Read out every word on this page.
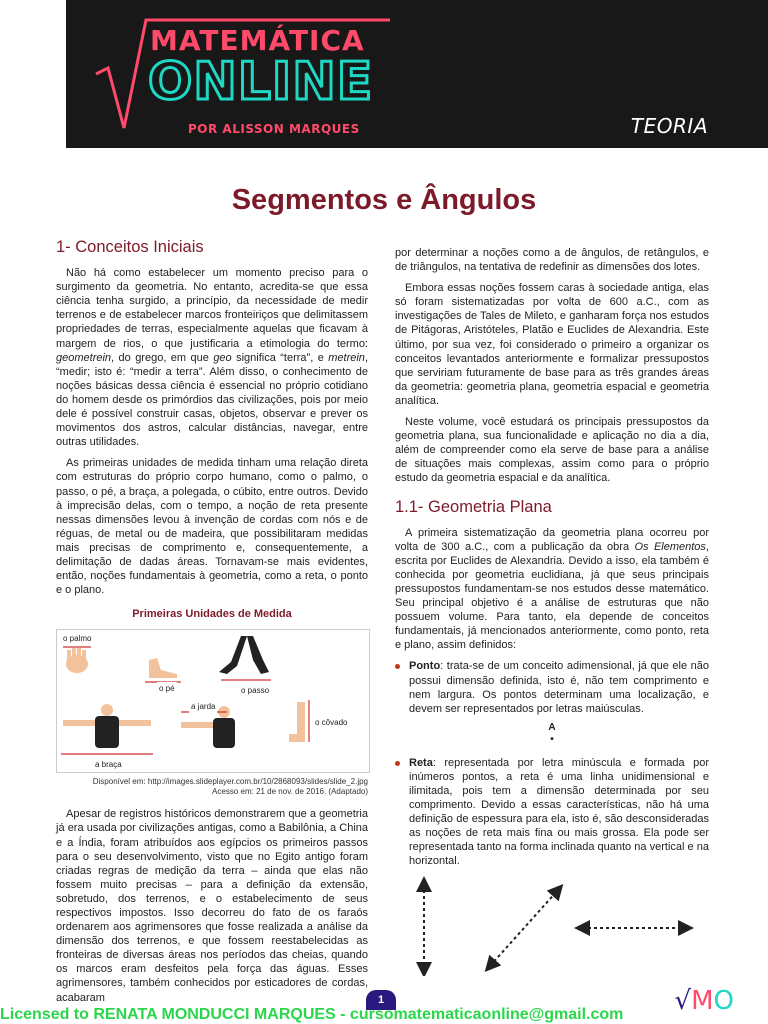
MATEMÁTICA
ONLINE
POR ALISSON MARQUES	TEORIA
Segmentos e Ângulos
1- Conceitos Iniciais

Não há como estabelecer um momento preciso para o surgimento da geometria. No entanto, acredita-se que essa ciência tenha surgido, a princípio, da necessidade de medir terrenos e de estabelecer marcos fronteiriços que delimitassem propriedades de terras, especialmente aquelas que ficavam à margem de rios, o que justificaria a etimologia do termo: geometrein, do grego, em que geo significa “terra”, e metrein, “medir; isto é: “medir a terra”. Além disso, o conhecimento de noções básicas dessa ciência é essencial no próprio cotidiano do homem desde os primórdios das civilizações, pois por meio dele é possível construir casas, objetos, observar e prever os movimentos dos astros, calcular distâncias, navegar, entre outras utilidades.

As primeiras unidades de medida tinham uma relação direta com estruturas do próprio corpo humano, como o palmo, o passo, o pé, a braça, a polegada, o cúbito, entre outros. Devido à imprecisão delas, com o tempo, a noção de reta presente nessas dimensões levou à invenção de cordas com nós e de réguas, de metal ou de madeira, que possibilitaram medidas mais precisas de comprimento e, consequentemente, a delimitação de dadas áreas. Tornavam-se mais evidentes, então, noções fundamentais à geometria, como a reta, o ponto e o plano.

Primeiras Unidades de Medida
o palmo
o pé	o passo
a jarda
o côvado
a braça
Disponível em: http://images.slideplayer.com.br/10/2868093/slides/slide_2.jpg
Acesso em: 21 de nov. de 2016. (Adaptado)

Apesar de registros históricos demonstrarem que a geometria já era usada por civilizações antigas, como a Babilônia, a China e a Índia, foram atribuídos aos egípcios os primeiros passos para o seu desenvolvimento, visto que no Egito antigo foram criadas regras de medição da terra – ainda que elas não fossem muito precisas – para a definição da extensão, sobretudo, dos terrenos, e o estabelecimento de seus respectivos impostos. Isso decorreu do fato de os faraós ordenarem aos agrimensores que fosse realizada a análise da dimensão dos terrenos, e que fossem reestabelecidas as fronteiras de diversas áreas nos períodos das cheias, quando os marcos eram desfeitos pela força das águas. Esses agrimensores, também conhecidos por esticadores de cordas, acabaram

por determinar a noções como a de ângulos, de retângulos, e de triângulos, na tentativa de redefinir as dimensões dos lotes.

Embora essas noções fossem caras à sociedade antiga, elas só foram sistematizadas por volta de 600 a.C., com as investigações de Tales de Mileto, e ganharam força nos estudos de Pitágoras, Aristóteles, Platão e Euclides de Alexandria. Este último, por sua vez, foi considerado o primeiro a organizar os conceitos levantados anteriormente e formalizar pressupostos que serviriam futuramente de base para as três grandes áreas da geometria: geometria plana, geometria espacial e geometria analítica.

Neste volume, você estudará os principais pressupostos da geometria plana, sua funcionalidade e aplicação no dia a dia, além de compreender como ela serve de base para a análise de situações mais complexas, assim como para o próprio estudo da geometria espacial e da analítica.

1.1- Geometria Plana

A primeira sistematização da geometria plana ocorreu por volta de 300 a.C., com a publicação da obra Os Elementos, escrita por Euclides de Alexandria. Devido a isso, ela também é conhecida por geometria euclidiana, já que seus principais pressupostos fundamentam-se nos estudos desse matemático. Seu principal objetivo é a análise de estruturas que não possuem volume. Para tanto, ela depende de conceitos fundamentais, já mencionados anteriormente, como ponto, reta e plano, assim definidos:

Ponto: trata-se de um conceito adimensional, já que ele não possui dimensão definida, isto é, não tem comprimento e nem largura. Os pontos determinam uma localização, e devem ser representados por letras maiúsculas.
A
•
Reta: representada por letra minúscula e formada por inúmeros pontos, a reta é uma linha unidimensional e ilimitada, pois tem a dimensão determinada por seu comprimento. Devido a essas características, não há uma definição de espessura para ela, isto é, são desconsideradas as noções de reta mais fina ou mais grossa. Ela pode ser representada tanto na forma inclinada quanto na vertical e na horizontal.
1	√MO
Licensed to RENATA MONDUCCI MARQUES - cursomatematicaonline@gmail.com
